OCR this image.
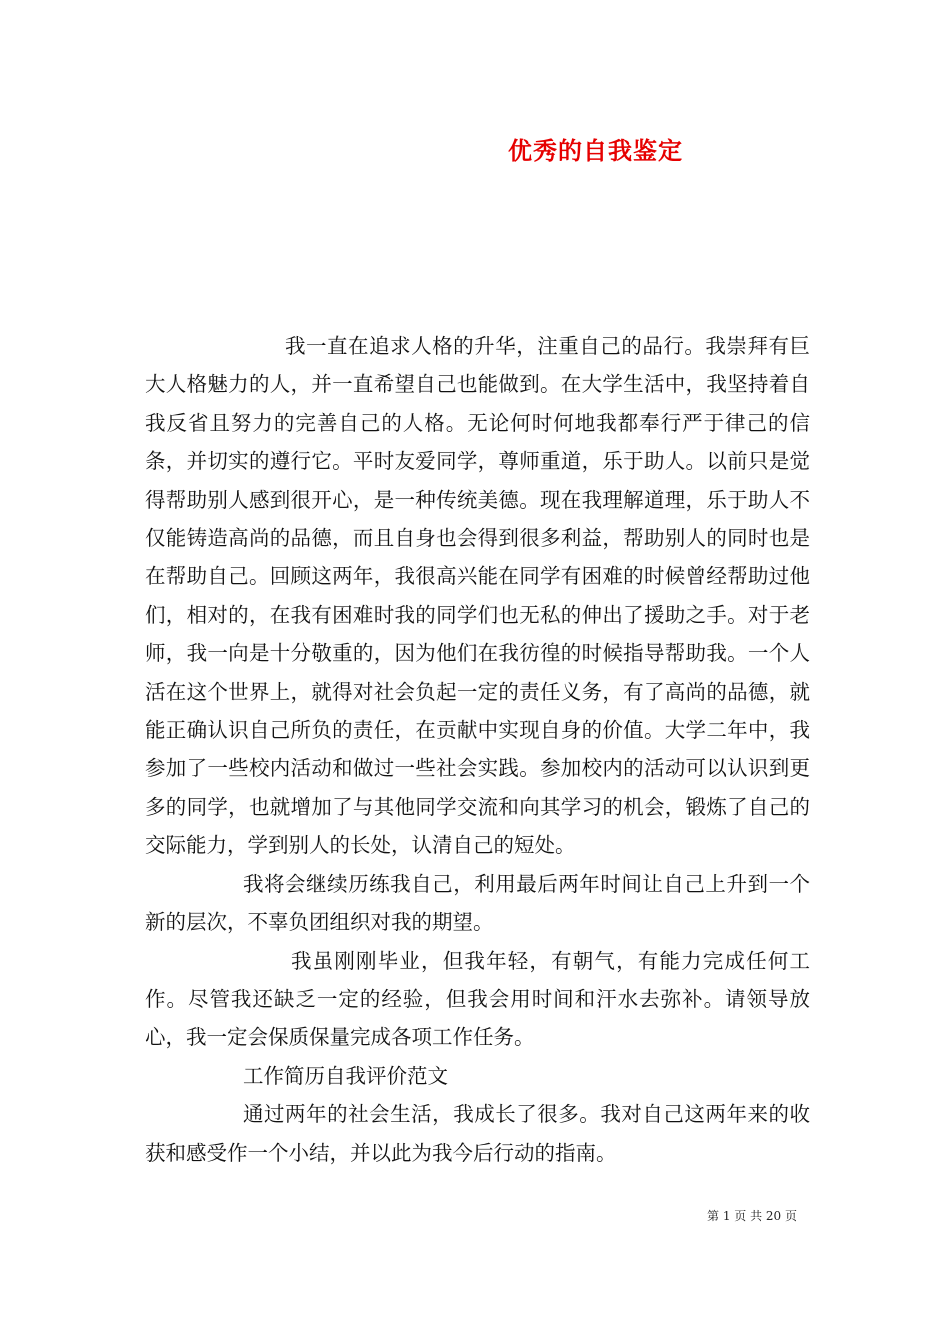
优秀的自我鉴定

我一直在追求人格的升华，注重自己的品行。我崇拜有巨大人格魅力的人，并一直希望自己也能做到。在大学生活中，我坚持着自我反省且努力的完善自己的人格。无论何时何地我都奉行严于律己的信条，并切实的遵行它。平时友爱同学，尊师重道，乐于助人。以前只是觉得帮助别人感到很开心，是一种传统美德。现在我理解道理，乐于助人不仅能铸造高尚的品德，而且自身也会得到很多利益，帮助别人的同时也是在帮助自己。回顾这两年，我很高兴能在同学有困难的时候曾经帮助过他们，相对的，在我有困难时我的同学们也无私的伸出了援助之手。对于老师，我一向是十分敬重的，因为他们在我彷徨的时候指导帮助我。一个人活在这个世界上，就得对社会负起一定的责任义务，有了高尚的品德，就能正确认识自己所负的责任，在贡献中实现自身的价值。大学二年中，我参加了一些校内活动和做过一些社会实践。参加校内的活动可以认识到更多的同学，也就增加了与其他同学交流和向其学习的机会，锻炼了自己的交际能力，学到别人的长处，认清自己的短处。

我将会继续历练我自己，利用最后两年时间让自己上升到一个新的层次，不辜负团组织对我的期望。

我虽刚刚毕业，但我年轻，有朝气，有能力完成任何工作。尽管我还缺乏一定的经验，但我会用时间和汗水去弥补。请领导放心，我一定会保质保量完成各项工作任务。

工作简历自我评价范文

通过两年的社会生活，我成长了很多。我对自己这两年来的收获和感受作一个小结，并以此为我今后行动的指南。

第 1 页 共 20 页
